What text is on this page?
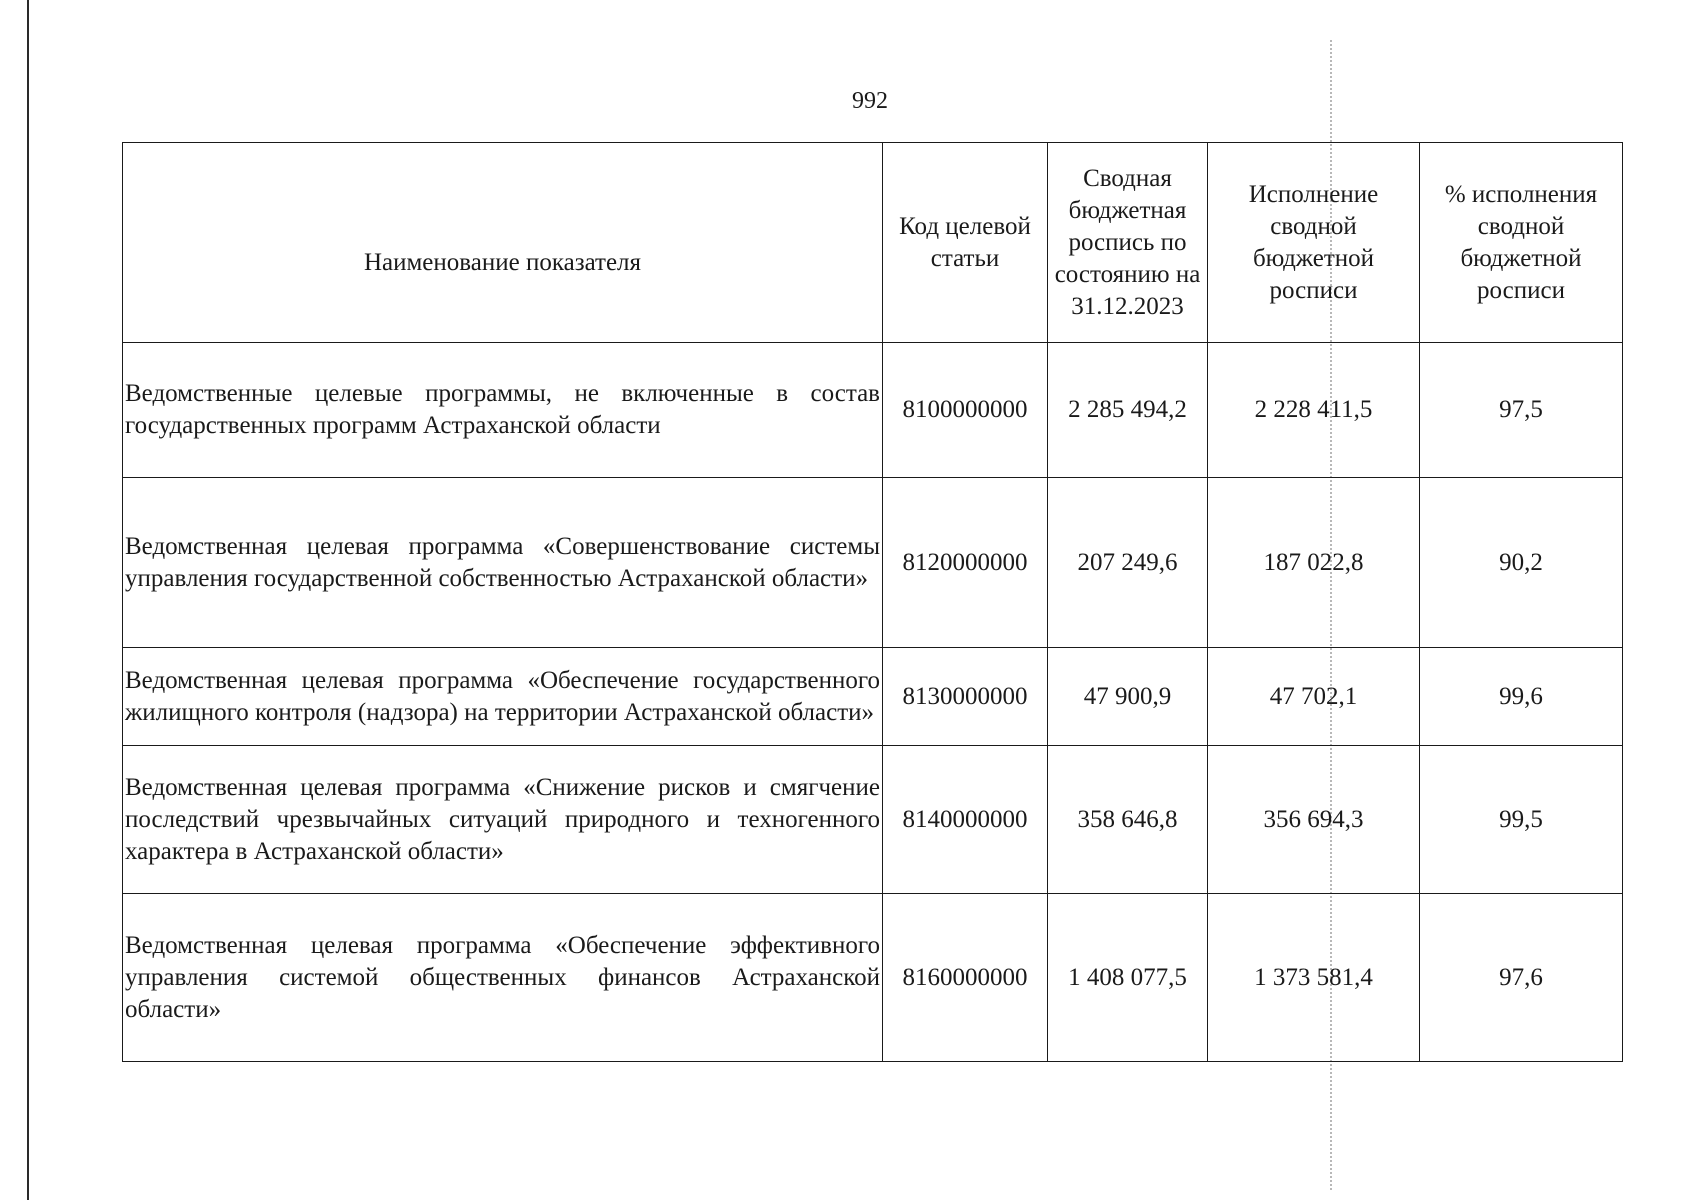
992
Наименование показателя	Код целевой статьи	Сводная бюджетная роспись по состоянию на 31.12.2023	Исполнение сводной бюджетной росписи	% исполнения сводной бюджетной росписи
Ведомственные целевые программы, не включенные в состав государственных программ Астраханской области	8100000000	2 285 494,2	2 228 411,5	97,5
Ведомственная целевая программа «Совершенствование системы управления государственной собственностью Астраханской области»	8120000000	207 249,6	187 022,8	90,2
Ведомственная целевая программа «Обеспечение государственного жилищного контроля (надзора) на территории Астраханской области»	8130000000	47 900,9	47 702,1	99,6
Ведомственная целевая программа «Снижение рисков и смягчение последствий чрезвычайных ситуаций природного и техногенного характера в Астраханской области»	8140000000	358 646,8	356 694,3	99,5
Ведомственная целевая программа «Обеспечение эффективного управления системой общественных финансов Астраханской области»	8160000000	1 408 077,5	1 373 581,4	97,6
